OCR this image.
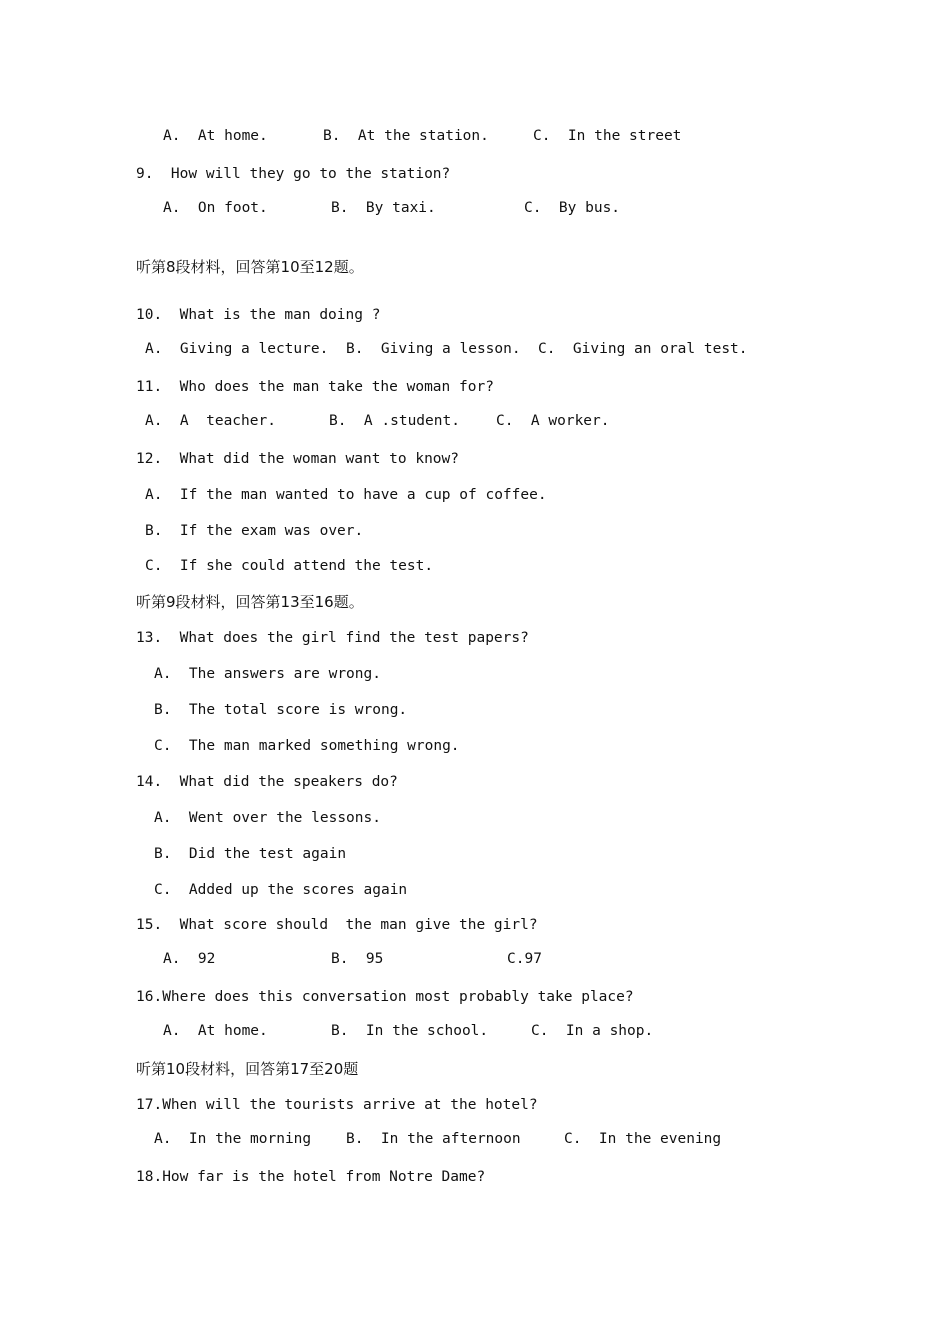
A.  At home.	B.  At the station.	C.  In the street
9.  How will they go to the station?
A.  On foot.	B.  By taxi.	C.  By bus.
听第8段材料，回答第10至12题。
10.  What is the man doing ?
A.  Giving a lecture. B.  Giving a lesson. C.  Giving an oral test.
11.  Who does the man take the woman for?
A.  A  teacher.	B.  A .student. C.  A worker.
12.  What did the woman want to know?
A.  If the man wanted to have a cup of coffee.
B.  If the exam was over.
C.  If she could attend the test.
听第9段材料，回答第13至16题。
13.  What does the girl find the test papers?
A.  The answers are wrong.
B.  The total score is wrong.
C.  The man marked something wrong.
14.  What did the speakers do?
A.  Went over the lessons.
B.  Did the test again
C.  Added up the scores again
15.  What score should  the man give the girl?
A.  92	B.  95	C.97
16.Where does this conversation most probably take place?
A.  At home.	B.  In the school.	C.  In a shop.
听第10段材料，回答第17至20题
17.When will the tourists arrive at the hotel?
A.  In the morning B.  In the afternoon	C.  In the evening
18.How far is the hotel from Notre Dame?
